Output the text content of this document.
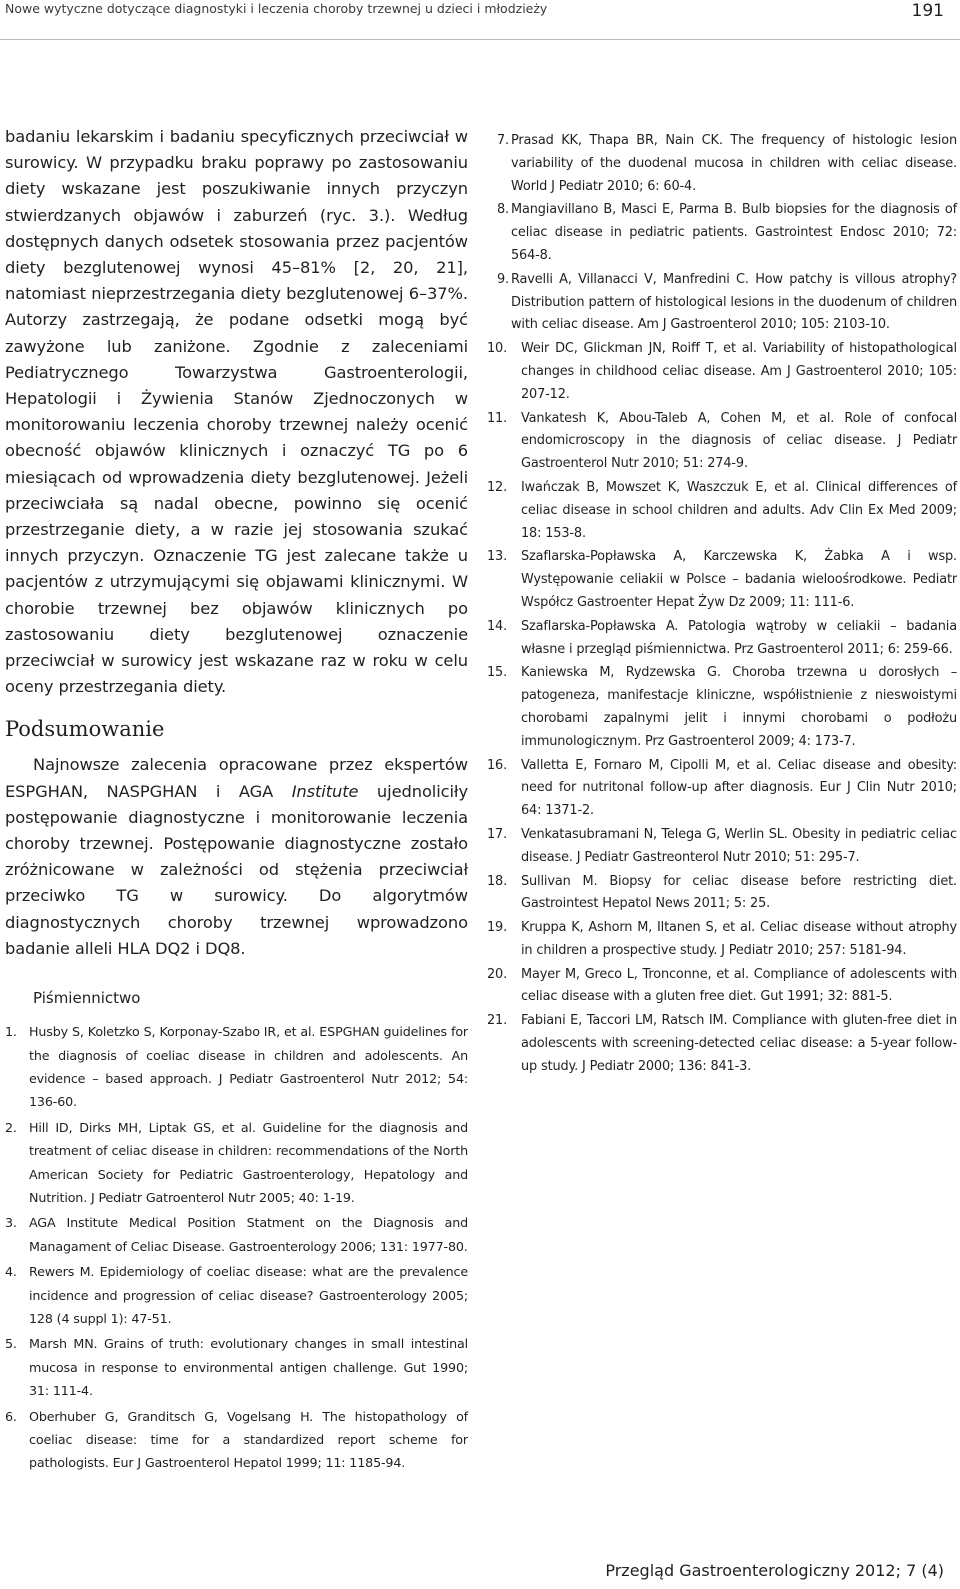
Nowe wytyczne dotyczące diagnostyki i leczenia choroby trzewnej u dzieci i młodzieży	191

badaniu lekarskim i badaniu specyficznych przeciwciał w surowicy. W przypadku braku poprawy po zastosowaniu diety wskazane jest poszukiwanie innych przyczyn stwierdzanych objawów i zaburzeń (ryc. 3.). Według dostępnych danych odsetek stosowania przez pacjentów diety bezglutenowej wynosi 45–81% [2, 20, 21], natomiast nieprzestrzegania diety bezglutenowej 6–37%. Autorzy zastrzegają, że podane odsetki mogą być zawyżone lub zaniżone. Zgodnie z zaleceniami Pediatrycznego Towarzystwa Gastroenterologii, Hepatologii i Żywienia Stanów Zjednoczonych w monitorowaniu leczenia choroby trzewnej należy ocenić obecność objawów klinicznych i oznaczyć TG po 6 miesiącach od wprowadzenia diety bezglutenowej. Jeżeli przeciwciała są nadal obecne, powinno się ocenić przestrzeganie diety, a w razie jej stosowania szukać innych przyczyn. Oznaczenie TG jest zalecane także u pacjentów z utrzymującymi się objawami klinicznymi. W chorobie trzewnej bez objawów klinicznych po zastosowaniu diety bezglutenowej oznaczenie przeciwciał w surowicy jest wskazane raz w roku w celu oceny przestrzegania diety.

Podsumowanie

Najnowsze zalecenia opracowane przez ekspertów ESPGHAN, NASPGHAN i AGA Institute ujednoliciły postępowanie diagnostyczne i monitorowanie leczenia choroby trzewnej. Postępowanie diagnostyczne zostało zróżnicowane w zależności od stężenia przeciwciał przeciwko TG w surowicy. Do algorytmów diagnostycznych choroby trzewnej wprowadzono badanie alleli HLA DQ2 i DQ8.

Piśmiennictwo
1. Husby S, Koletzko S, Korponay-Szabo IR, et al. ESPGHAN guidelines for the diagnosis of coeliac disease in children and adolescents. An evidence – based approach. J Pediatr Gastroenterol Nutr 2012; 54: 136-60.
2. Hill ID, Dirks MH, Liptak GS, et al. Guideline for the diagnosis and treatment of celiac disease in children: recommendations of the North American Society for Pediatric Gastroenterology, Hepatology and Nutrition. J Pediatr Gatroenterol Nutr 2005; 40: 1-19.
3. AGA Institute Medical Position Statment on the Diagnosis and Managament of Celiac Disease. Gastroenterology 2006; 131: 1977-80.
4. Rewers M. Epidemiology of coeliac disease: what are the prevalence incidence and progression of celiac disease? Gastroenterology 2005; 128 (4 suppl 1): 47-51.
5. Marsh MN. Grains of truth: evolutionary changes in small intestinal mucosa in response to environmental antigen challenge. Gut 1990; 31: 111-4.
6. Oberhuber G, Granditsch G, Vogelsang H. The histopathology of coeliac disease: time for a standardized report scheme for pathologists. Eur J Gastroenterol Hepatol 1999; 11: 1185-94.
7. Prasad KK, Thapa BR, Nain CK. The frequency of histologic lesion variability of the duodenal mucosa in children with celiac disease. World J Pediatr 2010; 6: 60-4.
8. Mangiavillano B, Masci E, Parma B. Bulb biopsies for the diagnosis of celiac disease in pediatric patients. Gastrointest Endosc 2010; 72: 564-8.
9. Ravelli A, Villanacci V, Manfredini C. How patchy is villous atrophy? Distribution pattern of histological lesions in the duodenum of children with celiac disease. Am J Gastroenterol 2010; 105: 2103-10.
10. Weir DC, Glickman JN, Roiff T, et al. Variability of histopathological changes in childhood celiac disease. Am J Gastroenterol 2010; 105: 207-12.
11. Vankatesh K, Abou-Taleb A, Cohen M, et al. Role of confocal endomicroscopy in the diagnosis of celiac disease. J Pediatr Gastroenterol Nutr 2010; 51: 274-9.
12. Iwańczak B, Mowszet K, Waszczuk E, et al. Clinical differences of celiac disease in school children and adults. Adv Clin Ex Med 2009; 18: 153-8.
13. Szaflarska-Popławska A, Karczewska K, Żabka A i wsp. Występowanie celiakii w Polsce – badania wieloośrodkowe. Pediatr Współcz Gastroenter Hepat Żyw Dz 2009; 11: 111-6.
14. Szaflarska-Popławska A. Patologia wątroby w celiakii – badania własne i przegląd piśmiennictwa. Prz Gastroenterol 2011; 6: 259-66.
15. Kaniewska M, Rydzewska G. Choroba trzewna u dorosłych – patogeneza, manifestacje kliniczne, współistnienie z nieswoistymi chorobami zapalnymi jelit i innymi chorobami o podłożu immunologicznym. Prz Gastroenterol 2009; 4: 173-7.
16. Valletta E, Fornaro M, Cipolli M, et al. Celiac disease and obesity: need for nutritonal follow-up after diagnosis. Eur J Clin Nutr 2010; 64: 1371-2.
17. Venkatasubramani N, Telega G, Werlin SL. Obesity in pediatric celiac disease. J Pediatr Gastreonterol Nutr 2010; 51: 295-7.
18. Sullivan M. Biopsy for celiac disease before restricting diet. Gastrointest Hepatol News 2011; 5: 25.
19. Kruppa K, Ashorn M, Iltanen S, et al. Celiac disease without atrophy in children a prospective study. J Pediatr 2010; 257: 5181-94.
20. Mayer M, Greco L, Tronconne, et al. Compliance of adolescents with celiac disease with a gluten free diet. Gut 1991; 32: 881-5.
21. Fabiani E, Taccori LM, Ratsch IM. Compliance with gluten-free diet in adolescents with screening-detected celiac disease: a 5-year follow-up study. J Pediatr 2000; 136: 841-3.
Przegląd Gastroenterologiczny 2012; 7 (4)
